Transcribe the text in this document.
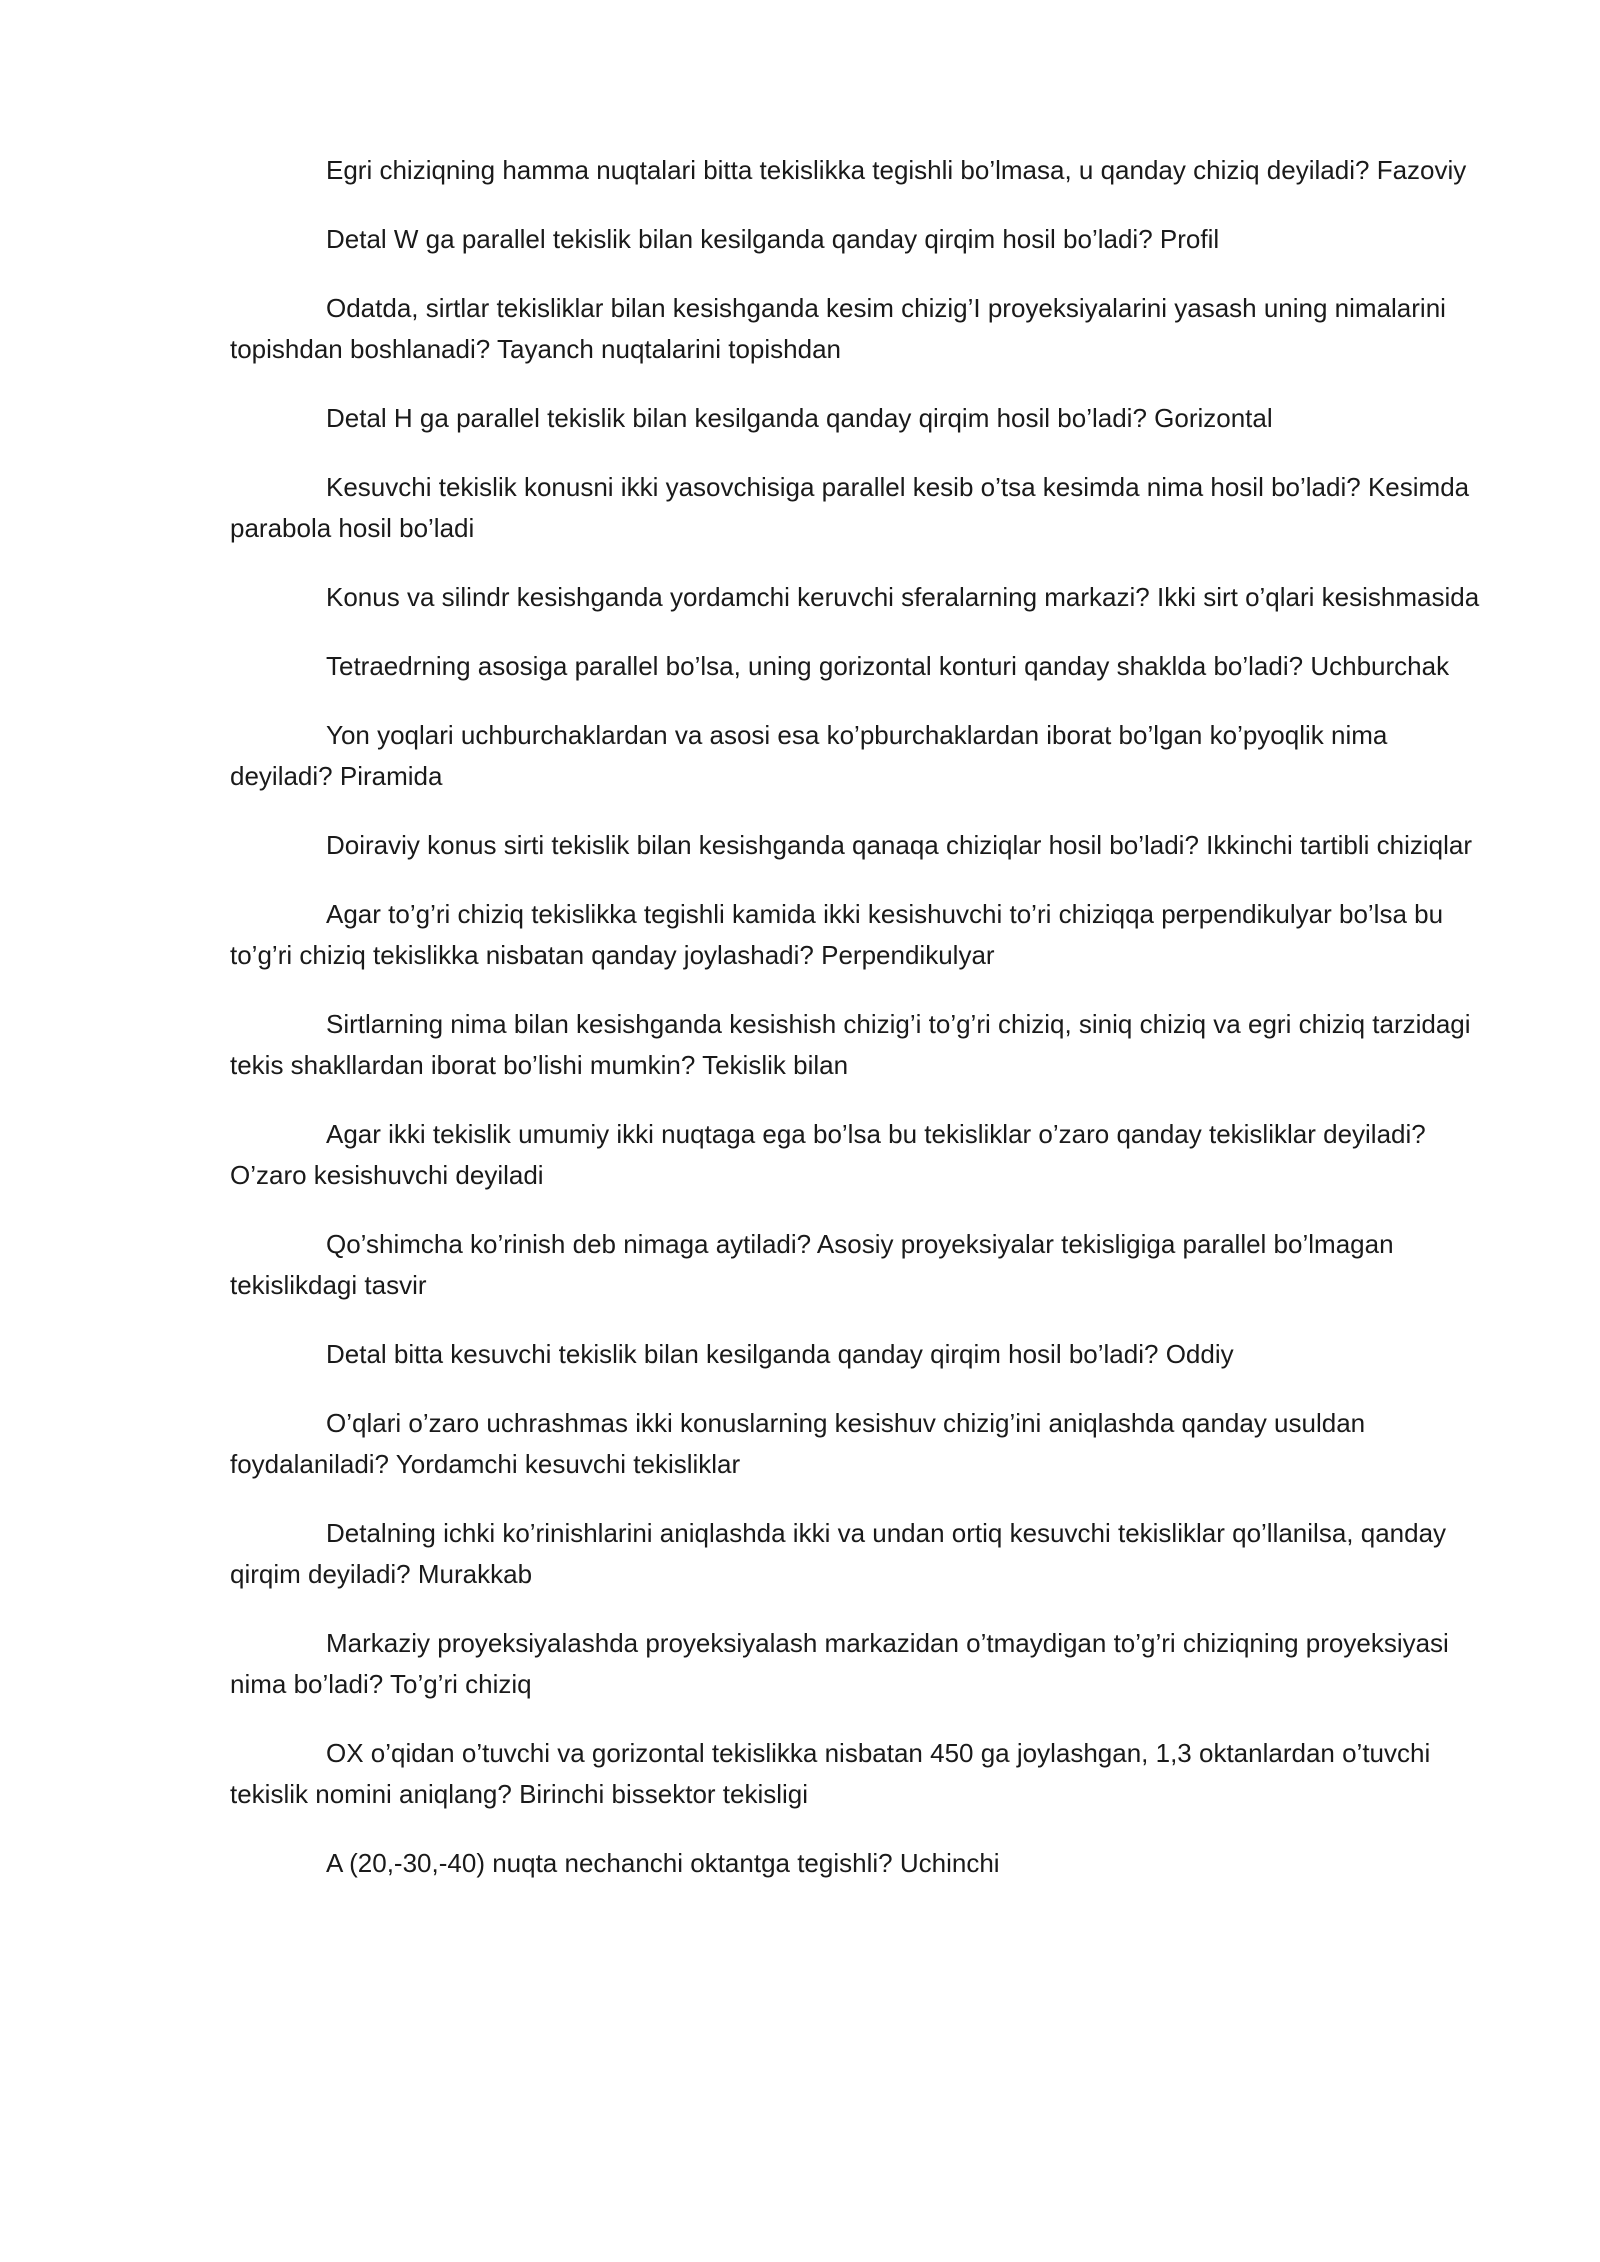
Egri chiziqning hamma nuqtalari bitta tekislikka tegishli bo’lmasa, u qanday chiziq deyiladi? Fazoviy

Detal W ga parallel tekislik bilan kesilganda qanday qirqim hosil bo’ladi? Profil

Odatda, sirtlar tekisliklar bilan kesishganda kesim chizig’I proyeksiyalarini yasash uning nimalarini topishdan boshlanadi? Tayanch nuqtalarini topishdan

Detal H ga parallel tekislik bilan kesilganda qanday qirqim hosil bo’ladi? Gorizontal

Kesuvchi tekislik konusni ikki yasovchisiga parallel kesib o’tsa kesimda nima hosil bo’ladi? Kesimda parabola hosil bo’ladi

Konus va silindr kesishganda yordamchi keruvchi sferalarning markazi? Ikki sirt o’qlari kesishmasida

Tetraedrning asosiga parallel bo’lsa, uning gorizontal konturi qanday shaklda bo’ladi? Uchburchak

Yon yoqlari uchburchaklardan va asosi esa ko’pburchaklardan iborat bo’lgan ko’pyoqlik nima deyiladi? Piramida

Doiraviy konus sirti tekislik bilan kesishganda qanaqa chiziqlar hosil bo’ladi? Ikkinchi tartibli chiziqlar

Agar to’g’ri chiziq tekislikka tegishli kamida ikki kesishuvchi to’ri chiziqqa perpendikulyar bo’lsa bu to’g’ri chiziq tekislikka nisbatan qanday joylashadi? Perpendikulyar

Sirtlarning nima bilan kesishganda kesishish chizig’i to’g’ri chiziq, siniq chiziq va egri chiziq tarzidagi tekis shakllardan iborat bo’lishi mumkin? Tekislik bilan

Agar ikki tekislik umumiy ikki nuqtaga ega bo’lsa bu tekisliklar o’zaro qanday tekisliklar deyiladi? O’zaro kesishuvchi deyiladi

Qo’shimcha ko’rinish deb nimaga aytiladi? Asosiy proyeksiyalar tekisligiga parallel bo’lmagan tekislikdagi tasvir

Detal bitta kesuvchi tekislik bilan kesilganda qanday qirqim hosil bo’ladi? Oddiy

O’qlari o’zaro uchrashmas ikki konuslarning kesishuv chizig’ini aniqlashda qanday usuldan foydalaniladi? Yordamchi kesuvchi tekisliklar

Detalning ichki ko’rinishlarini aniqlashda ikki va undan ortiq kesuvchi tekisliklar qo’llanilsa, qanday qirqim deyiladi? Murakkab

Markaziy proyeksiyalashda proyeksiyalash markazidan o’tmaydigan to’g’ri chiziqning proyeksiyasi nima bo’ladi? To’g’ri chiziq

OX o’qidan o’tuvchi va gorizontal tekislikka nisbatan 450 ga joylashgan, 1,3 oktanlardan o’tuvchi tekislik nomini aniqlang? Birinchi bissektor tekisligi

A (20,-30,-40) nuqta nechanchi oktantga tegishli? Uchinchi
